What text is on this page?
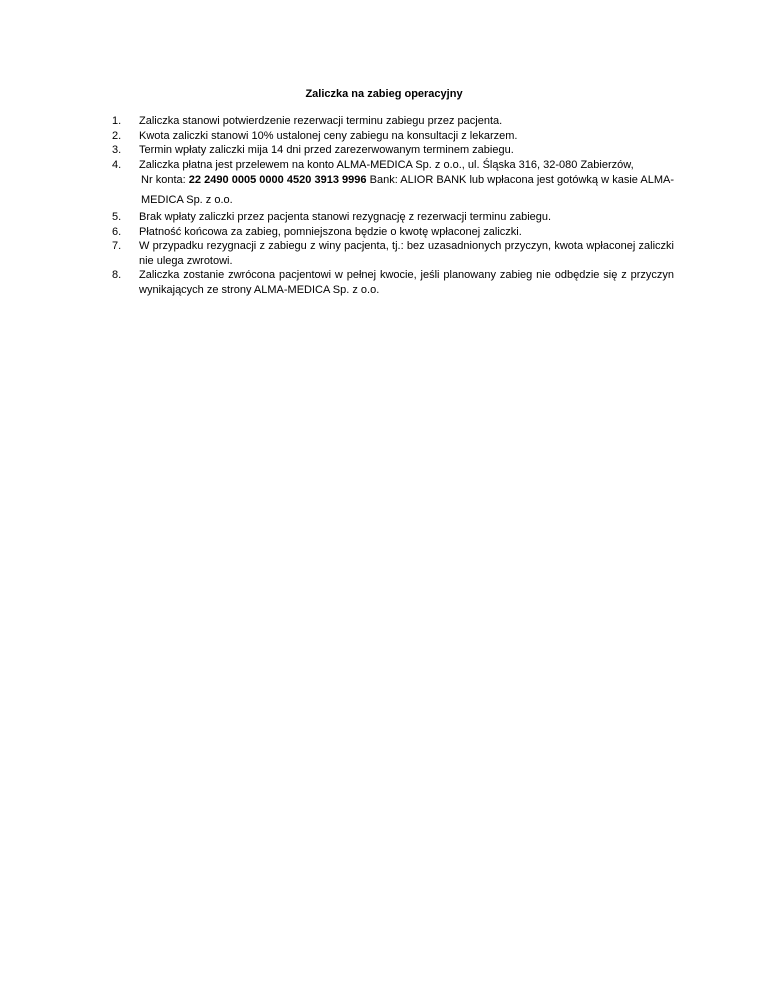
Zaliczka na zabieg operacyjny
1.	Zaliczka stanowi potwierdzenie rezerwacji terminu zabiegu przez pacjenta.
2.	Kwota zaliczki stanowi 10% ustalonej ceny zabiegu na konsultacji z lekarzem.
3.	Termin wpłaty zaliczki mija 14 dni przed zarezerwowanym terminem zabiegu.
4.	Zaliczka płatna jest przelewem na konto ALMA-MEDICA Sp. z o.o., ul. Śląska 316, 32-080 Zabierzów,
Nr konta: 22 2490 0005 0000 4520 3913 9996 Bank: ALIOR BANK lub wpłacona jest gotówką w kasie ALMA-MEDICA Sp. z o.o.
5.	Brak wpłaty zaliczki przez pacjenta stanowi rezygnację z rezerwacji terminu zabiegu.
6.	Płatność końcowa za zabieg, pomniejszona będzie o kwotę wpłaconej zaliczki.
7.	W przypadku rezygnacji z zabiegu z winy pacjenta, tj.: bez uzasadnionych przyczyn, kwota wpłaconej zaliczki nie ulega zwrotowi.
8.	Zaliczka zostanie zwrócona pacjentowi w pełnej kwocie, jeśli planowany zabieg nie odbędzie się z przyczyn wynikających ze strony ALMA-MEDICA Sp. z o.o.
